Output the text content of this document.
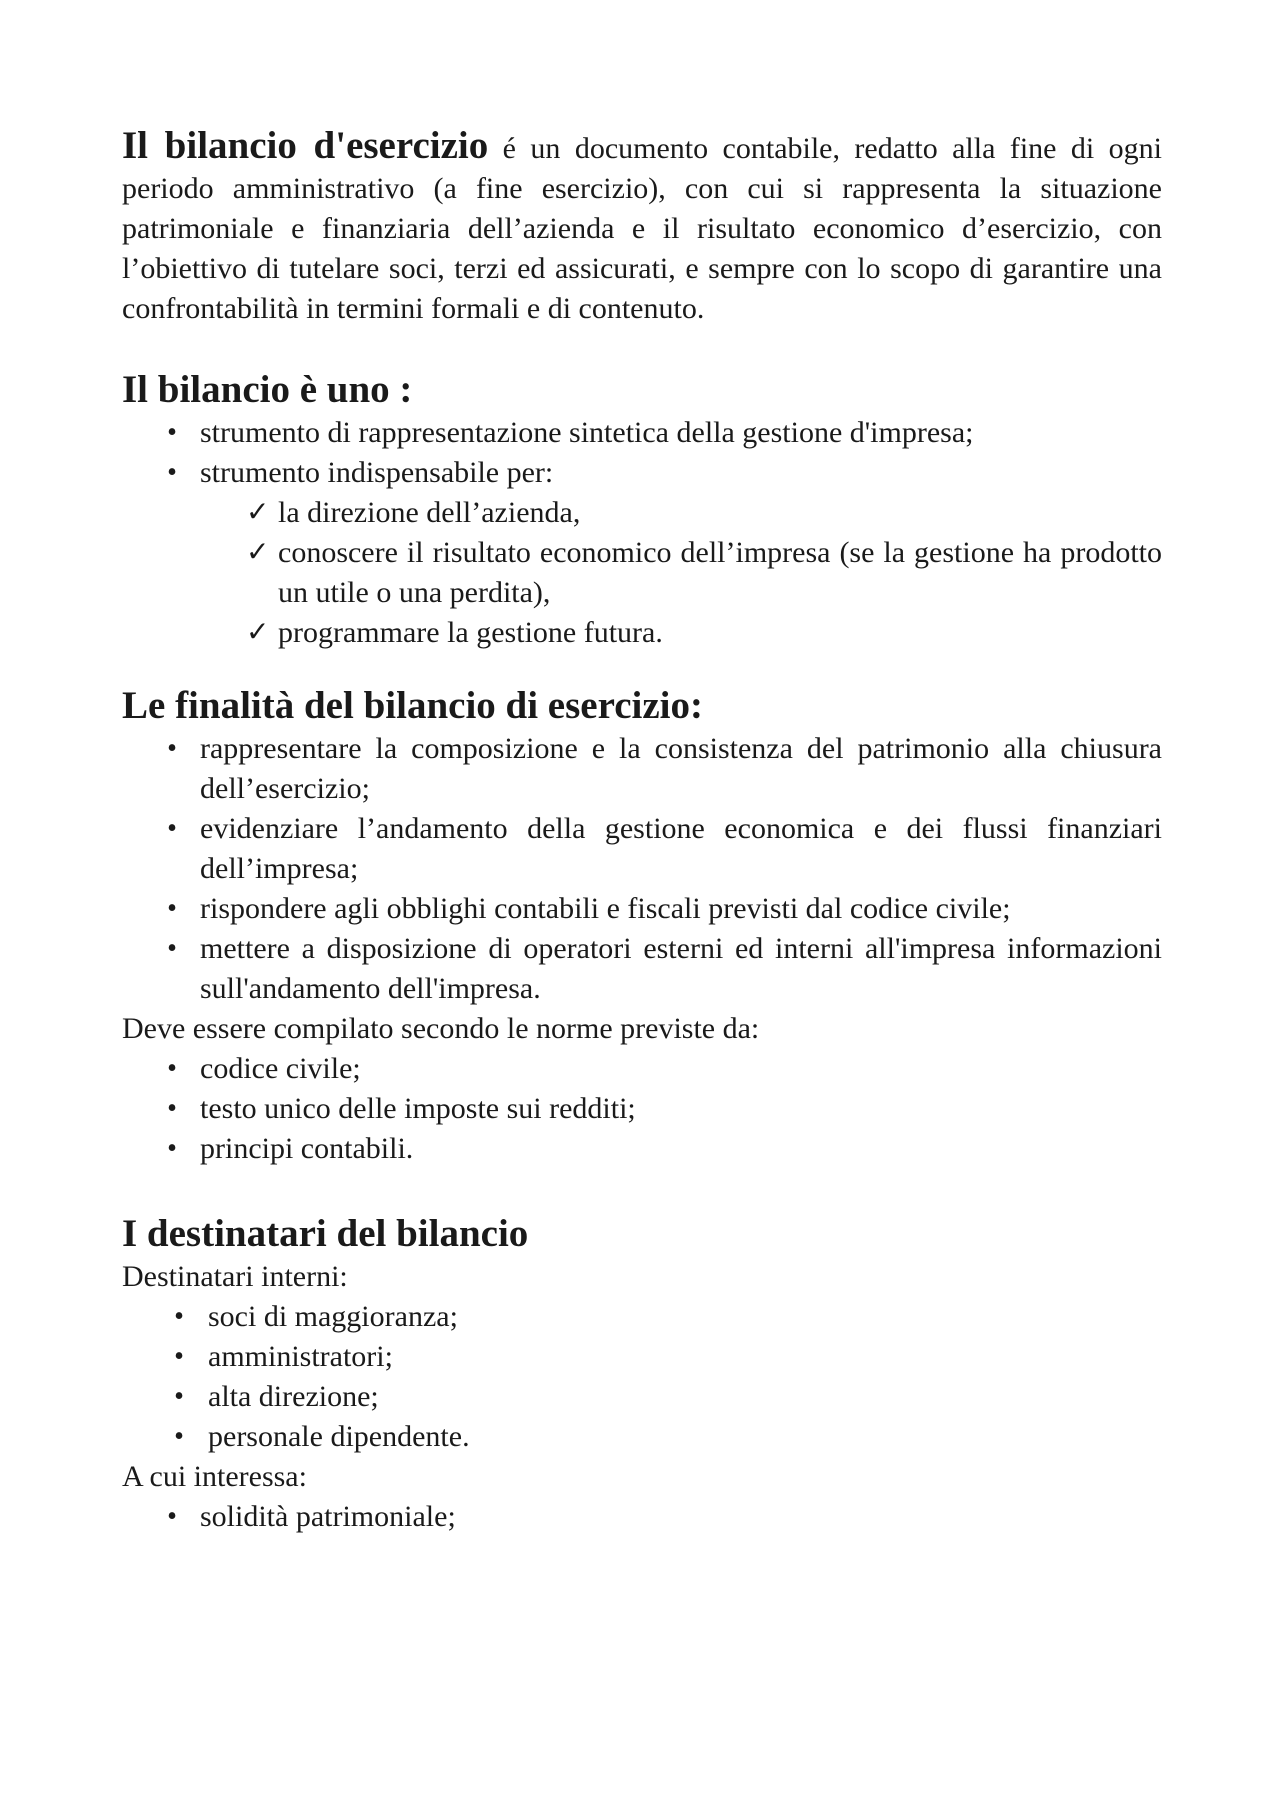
Il bilancio d'esercizio é un documento contabile, redatto alla fine di ogni periodo amministrativo (a fine esercizio), con cui si rappresenta la situazione patrimoniale e finanziaria dell’azienda e il risultato economico d’esercizio, con l’obiettivo di tutelare soci, terzi ed assicurati, e sempre con lo scopo di garantire una confrontabilità in termini formali e di contenuto.

Il bilancio è uno :
• strumento di rappresentazione sintetica della gestione d'impresa;
• strumento indispensabile per:
✓ la direzione dell’azienda,
✓ conoscere il risultato economico dell’impresa (se la gestione ha prodotto un utile o una perdita),
✓ programmare la gestione futura.
Le finalità del bilancio di esercizio:
• rappresentare la composizione e la consistenza del patrimonio alla chiusura dell’esercizio;
• evidenziare l’andamento della gestione economica e dei flussi finanziari dell’impresa;
• rispondere agli obblighi contabili e fiscali previsti dal codice civile;
• mettere a disposizione di operatori esterni ed interni all'impresa informazioni sull'andamento dell'impresa.

Deve essere compilato secondo le norme previste da:

• codice civile;
• testo unico delle imposte sui redditi;
• principi contabili.
I destinatari del bilancio

Destinatari interni:

• soci di maggioranza;
• amministratori;
• alta direzione;
• personale dipendente.

A cui interessa:

• solidità patrimoniale;
